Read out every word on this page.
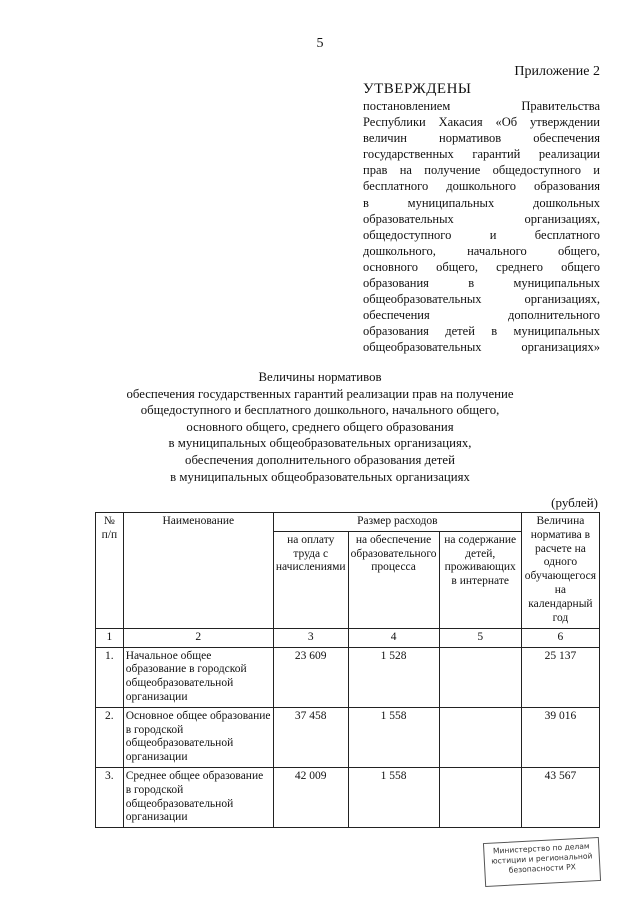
5
Приложение 2
УТВЕРЖДЕНЫ
постановлением Правительства
Республики Хакасия «Об утверждении
величин нормативов обеспечения
государственных гарантий реализации
прав на получение общедоступного и
бесплатного дошкольного образования
в муниципальных дошкольных
образовательных организациях,
общедоступного и бесплатного
дошкольного, начального общего,
основного общего, среднего общего
образования в муниципальных
общеобразовательных организациях,
обеспечения дополнительного
образования детей в муниципальных
общеобразовательных организациях»
Величины нормативов
обеспечения государственных гарантий реализации прав на получение
общедоступного и бесплатного дошкольного, начального общего,
основного общего, среднего общего образования
в муниципальных общеобразовательных организациях,
обеспечения дополнительного образования детей
в муниципальных общеобразовательных организациях
(рублей)
№ п/п	Наименование	Размер расходов			Величина норматива в расчете на одного обучающегося на календарный год
		на оплату труда с начислениями	на обеспечение образовательного процесса	на содержание детей, проживающих в интернате	
1	2	3	4	5	6
1.	Начальное общее образование в городской общеобразовательной организации	23 609	1 528		25 137
2.	Основное общее образование в городской общеобразовательной организации	37 458	1 558		39 016
3.	Среднее общее образование в городской общеобразовательной организации	42 009	1 558		43 567
Министерство по делам
юстиции и региональной
безопасности РХ
